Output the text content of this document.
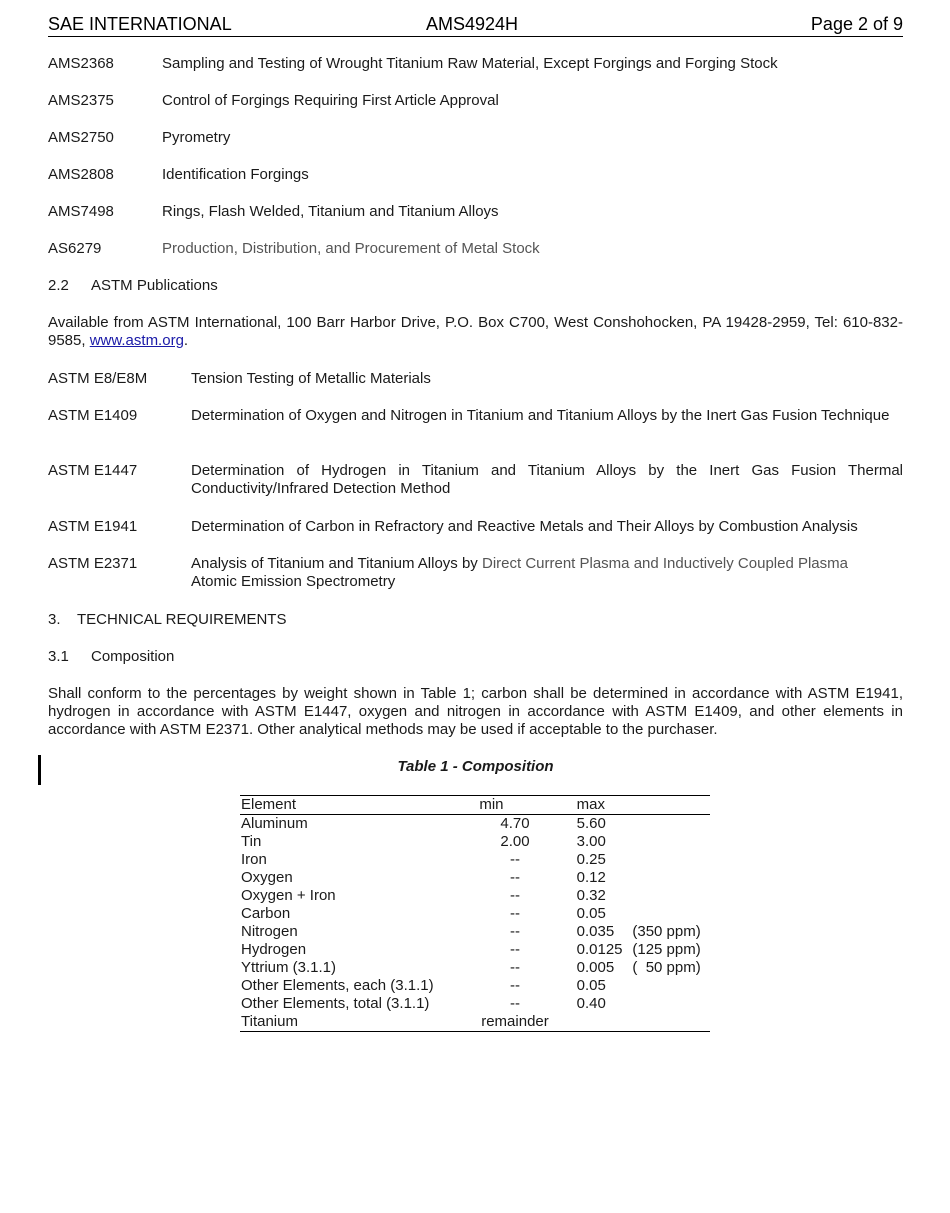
SAE INTERNATIONAL	AMS4924H	Page 2 of 9
AMS2368	Sampling and Testing of Wrought Titanium Raw Material, Except Forgings and Forging Stock
AMS2375	Control of Forgings Requiring First Article Approval
AMS2750	Pyrometry
AMS2808	Identification Forgings
AMS7498	Rings, Flash Welded, Titanium and Titanium Alloys
AS6279	Production, Distribution, and Procurement of Metal Stock
2.2 ASTM Publications
Available from ASTM International, 100 Barr Harbor Drive, P.O. Box C700, West Conshohocken, PA 19428-2959, Tel: 610-832-9585, www.astm.org.
ASTM E8/E8M	Tension Testing of Metallic Materials
ASTM E1409	Determination of Oxygen and Nitrogen in Titanium and Titanium Alloys by the Inert Gas Fusion Technique
ASTM E1447	Determination of Hydrogen in Titanium and Titanium Alloys by the Inert Gas Fusion Thermal Conductivity/Infrared Detection Method
ASTM E1941	Determination of Carbon in Refractory and Reactive Metals and Their Alloys by Combustion Analysis
ASTM E2371	Analysis of Titanium and Titanium Alloys by Direct Current Plasma and Inductively Coupled Plasma
Atomic Emission Spectrometry
3. TECHNICAL REQUIREMENTS
3.1 Composition
Shall conform to the percentages by weight shown in Table 1; carbon shall be determined in accordance with ASTM E1941, hydrogen in accordance with ASTM E1447, oxygen and nitrogen in accordance with ASTM E1409, and other elements in accordance with ASTM E2371. Other analytical methods may be used if acceptable to the purchaser.
Table 1 - Composition
Element	min	max	
Aluminum	4.70	5.60	
Tin	2.00	3.00	
Iron	--	0.25	
Oxygen	--	0.12	
Oxygen + Iron	--	0.32	
Carbon	--	0.05	
Nitrogen	--	0.035	(350 ppm)
Hydrogen	--	0.0125	(125 ppm)
Yttrium (3.1.1)	--	0.005	(  50 ppm)
Other Elements, each (3.1.1)	--	0.05	
Other Elements, total (3.1.1)	--	0.40	
Titanium	remainder		
